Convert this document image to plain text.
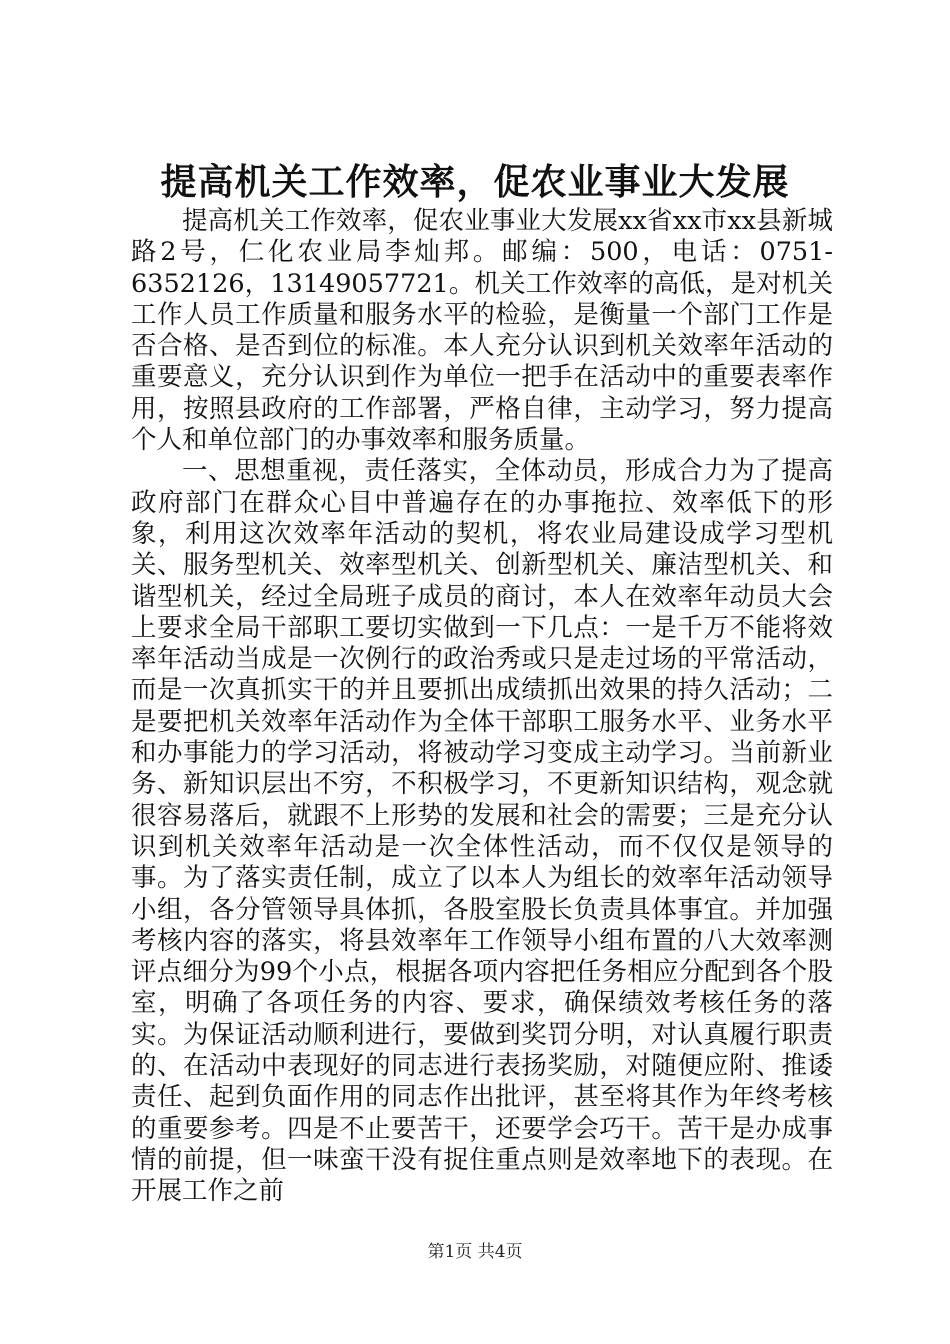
提高机关工作效率，促农业事业大发展

提高机关工作效率，促农业事业大发展xx省xx市xx县新城路2号，仁化农业局李灿邦。邮编：500，电话：0751-6352126，13149057721。机关工作效率的高低，是对机关工作人员工作质量和服务水平的检验，是衡量一个部门工作是否合格、是否到位的标准。本人充分认识到机关效率年活动的重要意义，充分认识到作为单位一把手在活动中的重要表率作用，按照县政府的工作部署，严格自律，主动学习，努力提高个人和单位部门的办事效率和服务质量。

一、思想重视，责任落实，全体动员，形成合力为了提高政府部门在群众心目中普遍存在的办事拖拉、效率低下的形象，利用这次效率年活动的契机，将农业局建设成学习型机关、服务型机关、效率型机关、创新型机关、廉洁型机关、和谐型机关，经过全局班子成员的商讨，本人在效率年动员大会上要求全局干部职工要切实做到一下几点：一是千万不能将效率年活动当成是一次例行的政治秀或只是走过场的平常活动，而是一次真抓实干的并且要抓出成绩抓出效果的持久活动；二是要把机关效率年活动作为全体干部职工服务水平、业务水平和办事能力的学习活动，将被动学习变成主动学习。当前新业务、新知识层出不穷，不积极学习，不更新知识结构，观念就很容易落后，就跟不上形势的发展和社会的需要；三是充分认识到机关效率年活动是一次全体性活动，而不仅仅是领导的事。为了落实责任制，成立了以本人为组长的效率年活动领导小组，各分管领导具体抓，各股室股长负责具体事宜。并加强考核内容的落实，将县效率年工作领导小组布置的八大效率测评点细分为99个小点，根据各项内容把任务相应分配到各个股室，明确了各项任务的内容、要求，确保绩效考核任务的落实。为保证活动顺利进行，要做到奖罚分明，对认真履行职责的、在活动中表现好的同志进行表扬奖励，对随便应附、推诿责任、起到负面作用的同志作出批评，甚至将其作为年终考核的重要参考。四是不止要苦干，还要学会巧干。苦干是办成事情的前提，但一味蛮干没有捉住重点则是效率地下的表现。在开展工作之前

第1页 共4页
